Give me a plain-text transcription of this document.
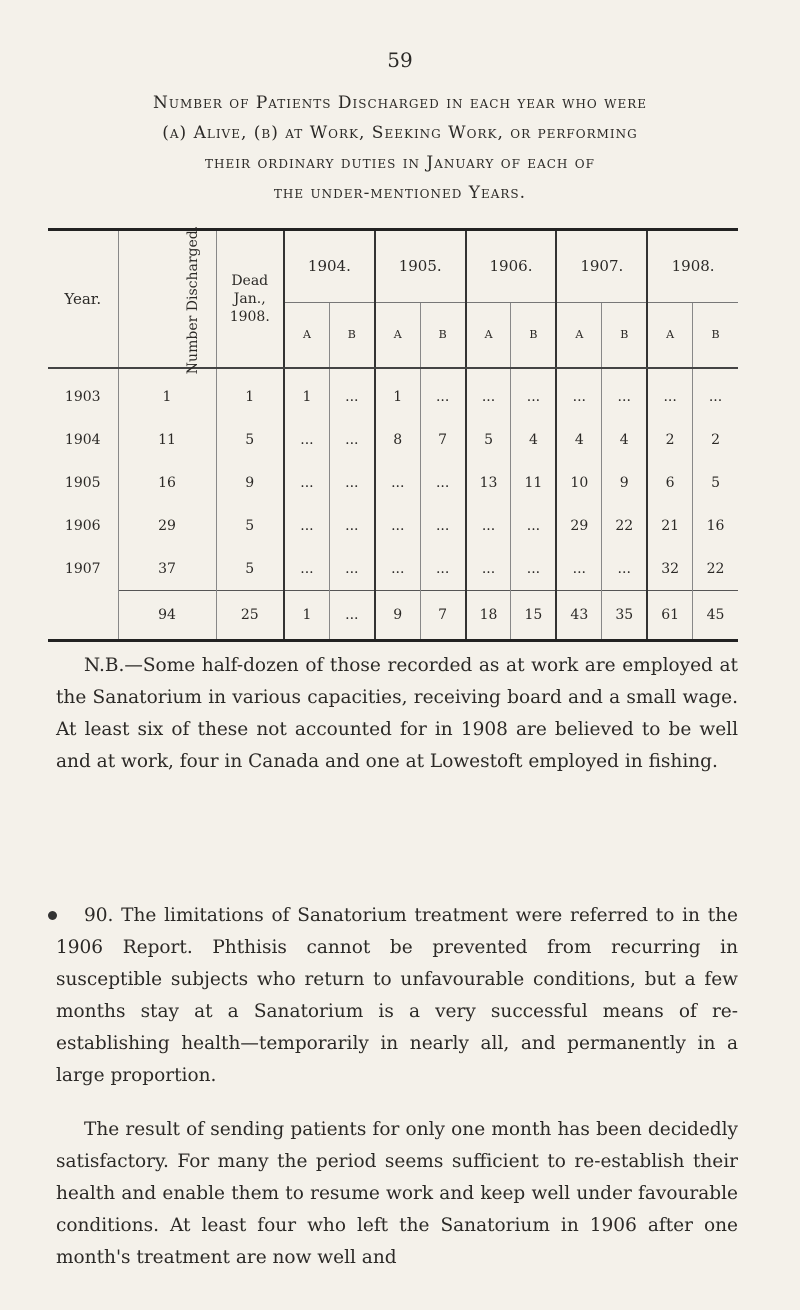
59
Number of Patients Discharged in each year who were
(a) Alive, (b) at Work, Seeking Work, or performing
their ordinary duties in January of each of
the under-mentioned Years.
Year.	Number Discharged.	Dead Jan., 1908.	1904.		1905.		1906.		1907.		1908.	
			A	B	A	B	A	B	A	B	A	B
1903	1	1	1	...	1	...	...	...	...	...	...	...
1904	11	5	...	...	8	7	5	4	4	4	2	2
1905	16	9	...	...	...	...	13	11	10	9	6	5
1906	29	5	...	...	...	...	...	...	29	22	21	16
1907	37	5	...	...	...	...	...	...	...	...	32	22
	94	25	1	...	9	7	18	15	43	35	61	45
N.B.—Some half-dozen of those recorded as at work are employed at the Sanatorium in various capacities, receiving board and a small wage. At least six of these not accounted for in 1908 are believed to be well and at work, four in Canada and one at Lowestoft employed in fishing.
90. The limitations of Sanatorium treatment were referred to in the 1906 Report. Phthisis cannot be prevented from recurring in susceptible subjects who return to unfavourable conditions, but a few months stay at a Sanatorium is a very successful means of re-establishing health—temporarily in nearly all, and permanently in a large proportion.
The result of sending patients for only one month has been decidedly satisfactory. For many the period seems sufficient to re-establish their health and enable them to resume work and keep well under favourable conditions. At least four who left the Sanatorium in 1906 after one month's treatment are now well and
